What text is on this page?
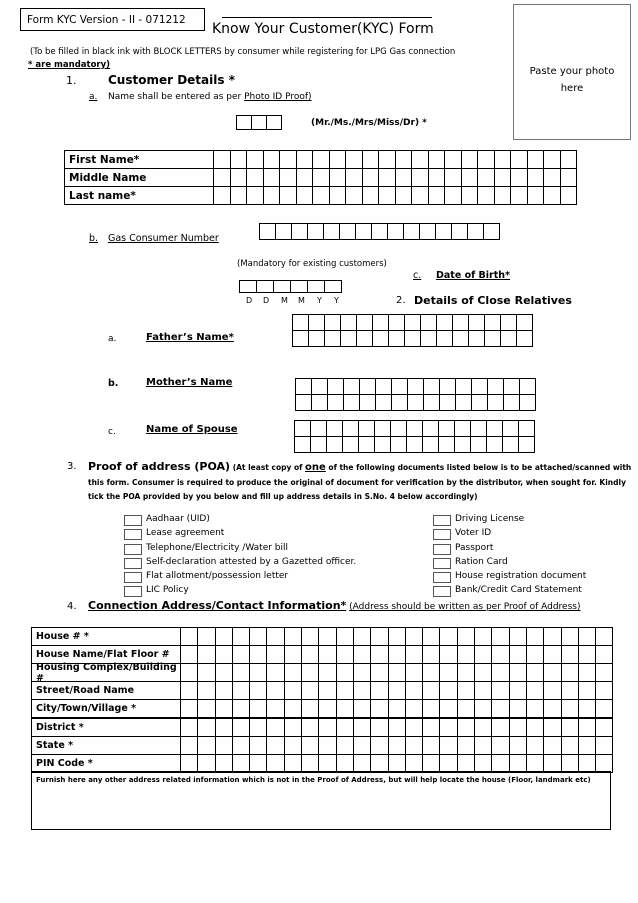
Form KYC Version - II - 071212
Know Your Customer(KYC) Form
(To be filled in black ink with BLOCK LETTERS by consumer while registering for LPG Gas connection
* are mandatory)
Paste your photo here
1.	Customer Details *
a. Name shall be entered as per Photo ID Proof)
(Mr./Ms./Mrs/Miss/Dr) *
First Name*
Middle Name
Last name*
b. Gas Consumer Number
(Mandatory for existing customers)
c. Date of Birth*
D D M M Y Y	2. Details of Close Relatives
a.	Father’s Name*
b.	Mother’s Name
c.	Name of Spouse
3. Proof of address (POA) (At least copy of one of the following documents listed below is to be attached/scanned with
this form. Consumer is required to produce the original of document for verification by the distributor, when sought for. Kindly
tick the POA provided by you below and fill up address details in S.No. 4 below accordingly)
Aadhaar (UID)
Lease agreement
Telephone/Electricity /Water bill
Self-declaration attested by a Gazetted officer.
Flat allotment/possession letter
LIC Policy
Driving License
Voter ID
Passport
Ration Card
House registration document
Bank/Credit Card Statement
4. Connection Address/Contact Information* (Address should be written as per Proof of Address)
House # *
House Name/Flat Floor #
Housing Complex/Building #
Street/Road Name
City/Town/Village *
District *
State *
PIN Code *
Furnish here any other address related information which is not in the Proof of Address, but will help locate the house (Floor, landmark etc)
